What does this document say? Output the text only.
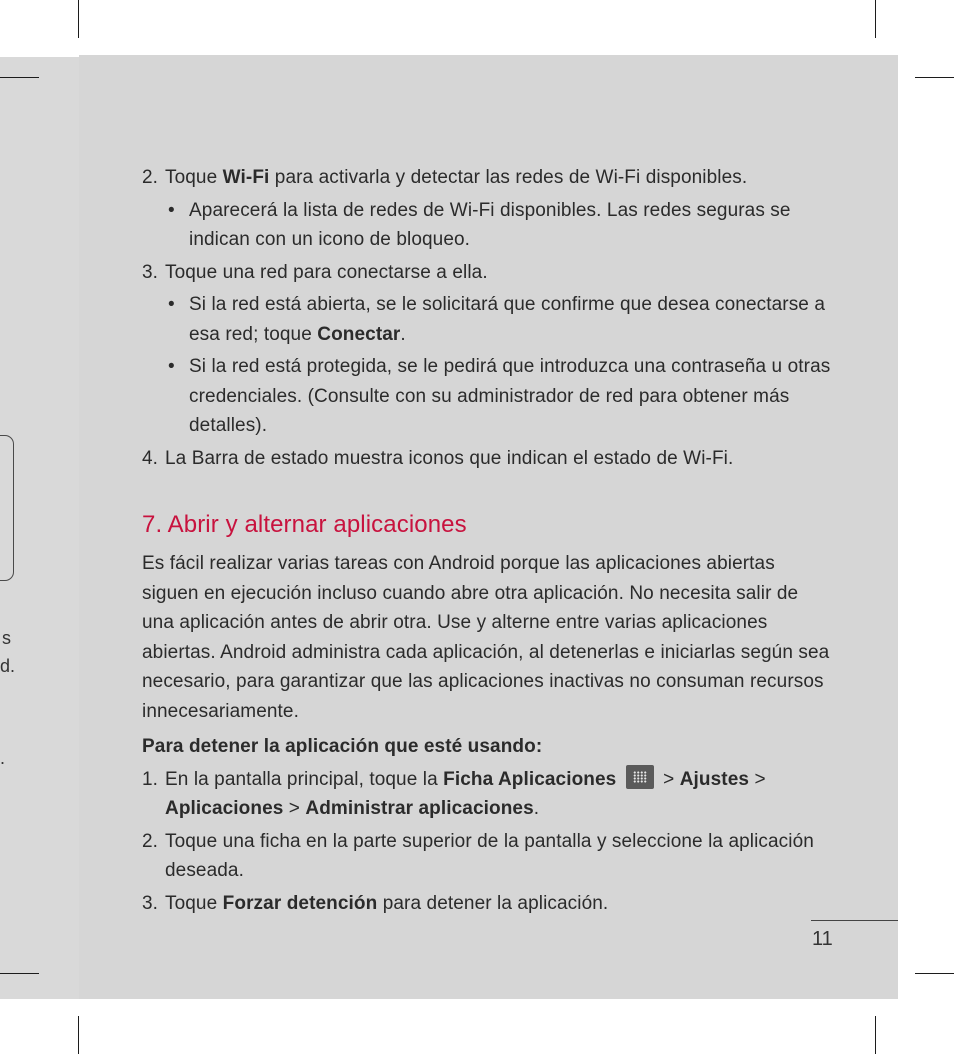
s
d.
.
2. Toque Wi-Fi para activarla y detectar las redes de Wi-Fi disponibles.
• Aparecerá la lista de redes de Wi-Fi disponibles. Las redes seguras se indican con un icono de bloqueo.
3. Toque una red para conectarse a ella.
• Si la red está abierta, se le solicitará que confirme que desea conectarse a esa red; toque Conectar.
• Si la red está protegida, se le pedirá que introduzca una contraseña u otras credenciales. (Consulte con su administrador de red para obtener más detalles).
4. La Barra de estado muestra iconos que indican el estado de Wi-Fi.
7. Abrir y alternar aplicaciones
Es fácil realizar varias tareas con Android porque las aplicaciones abiertas siguen en ejecución incluso cuando abre otra aplicación. No necesita salir de una aplicación antes de abrir otra. Use y alterne entre varias aplicaciones abiertas. Android administra cada aplicación, al detenerlas e iniciarlas según sea necesario, para garantizar que las aplicaciones inactivas no consuman recursos innecesariamente.
Para detener la aplicación que esté usando:
1. En la pantalla principal, toque la Ficha Aplicaciones
> Ajustes > Aplicaciones > Administrar aplicaciones.
2. Toque una ficha en la parte superior de la pantalla y seleccione la aplicación deseada.
3. Toque Forzar detención para detener la aplicación.
11
